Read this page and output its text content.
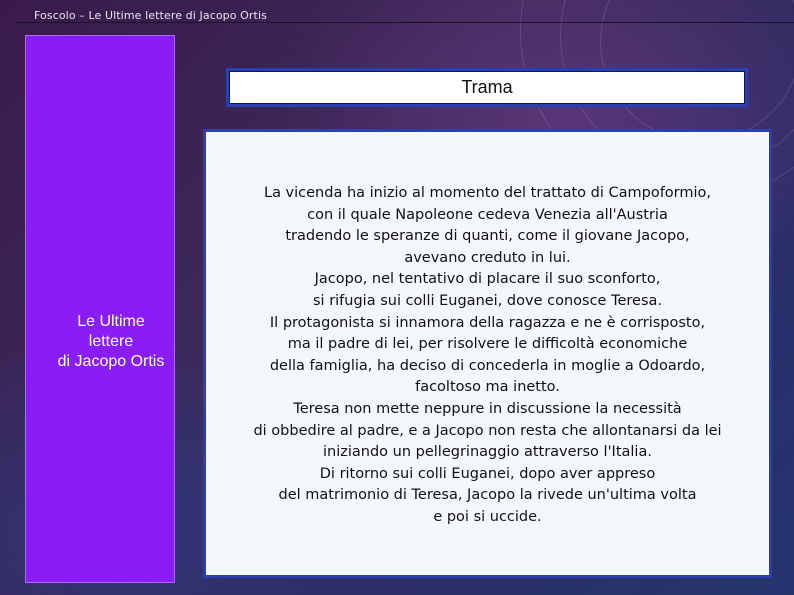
Foscolo – Le Ultime lettere di Jacopo Ortis
Le Ultime
lettere
di Jacopo Ortis
Trama
La vicenda ha inizio al momento del trattato di Campoformio,
con il quale Napoleone cedeva Venezia all'Austria
tradendo le speranze di quanti, come il giovane Jacopo,
avevano creduto in lui.
Jacopo, nel tentativo di placare il suo sconforto,
si rifugia sui colli Euganei, dove conosce Teresa.
Il protagonista si innamora della ragazza e ne è corrisposto,
ma il padre di lei, per risolvere le difficoltà economiche
della famiglia, ha deciso di concederla in moglie a Odoardo,
facoltoso ma inetto.
Teresa non mette neppure in discussione la necessità
di obbedire al padre, e a Jacopo non resta che allontanarsi da lei
iniziando un pellegrinaggio attraverso l'Italia.
Di ritorno sui colli Euganei, dopo aver appreso
del matrimonio di Teresa, Jacopo la rivede un'ultima volta
e poi si uccide.
